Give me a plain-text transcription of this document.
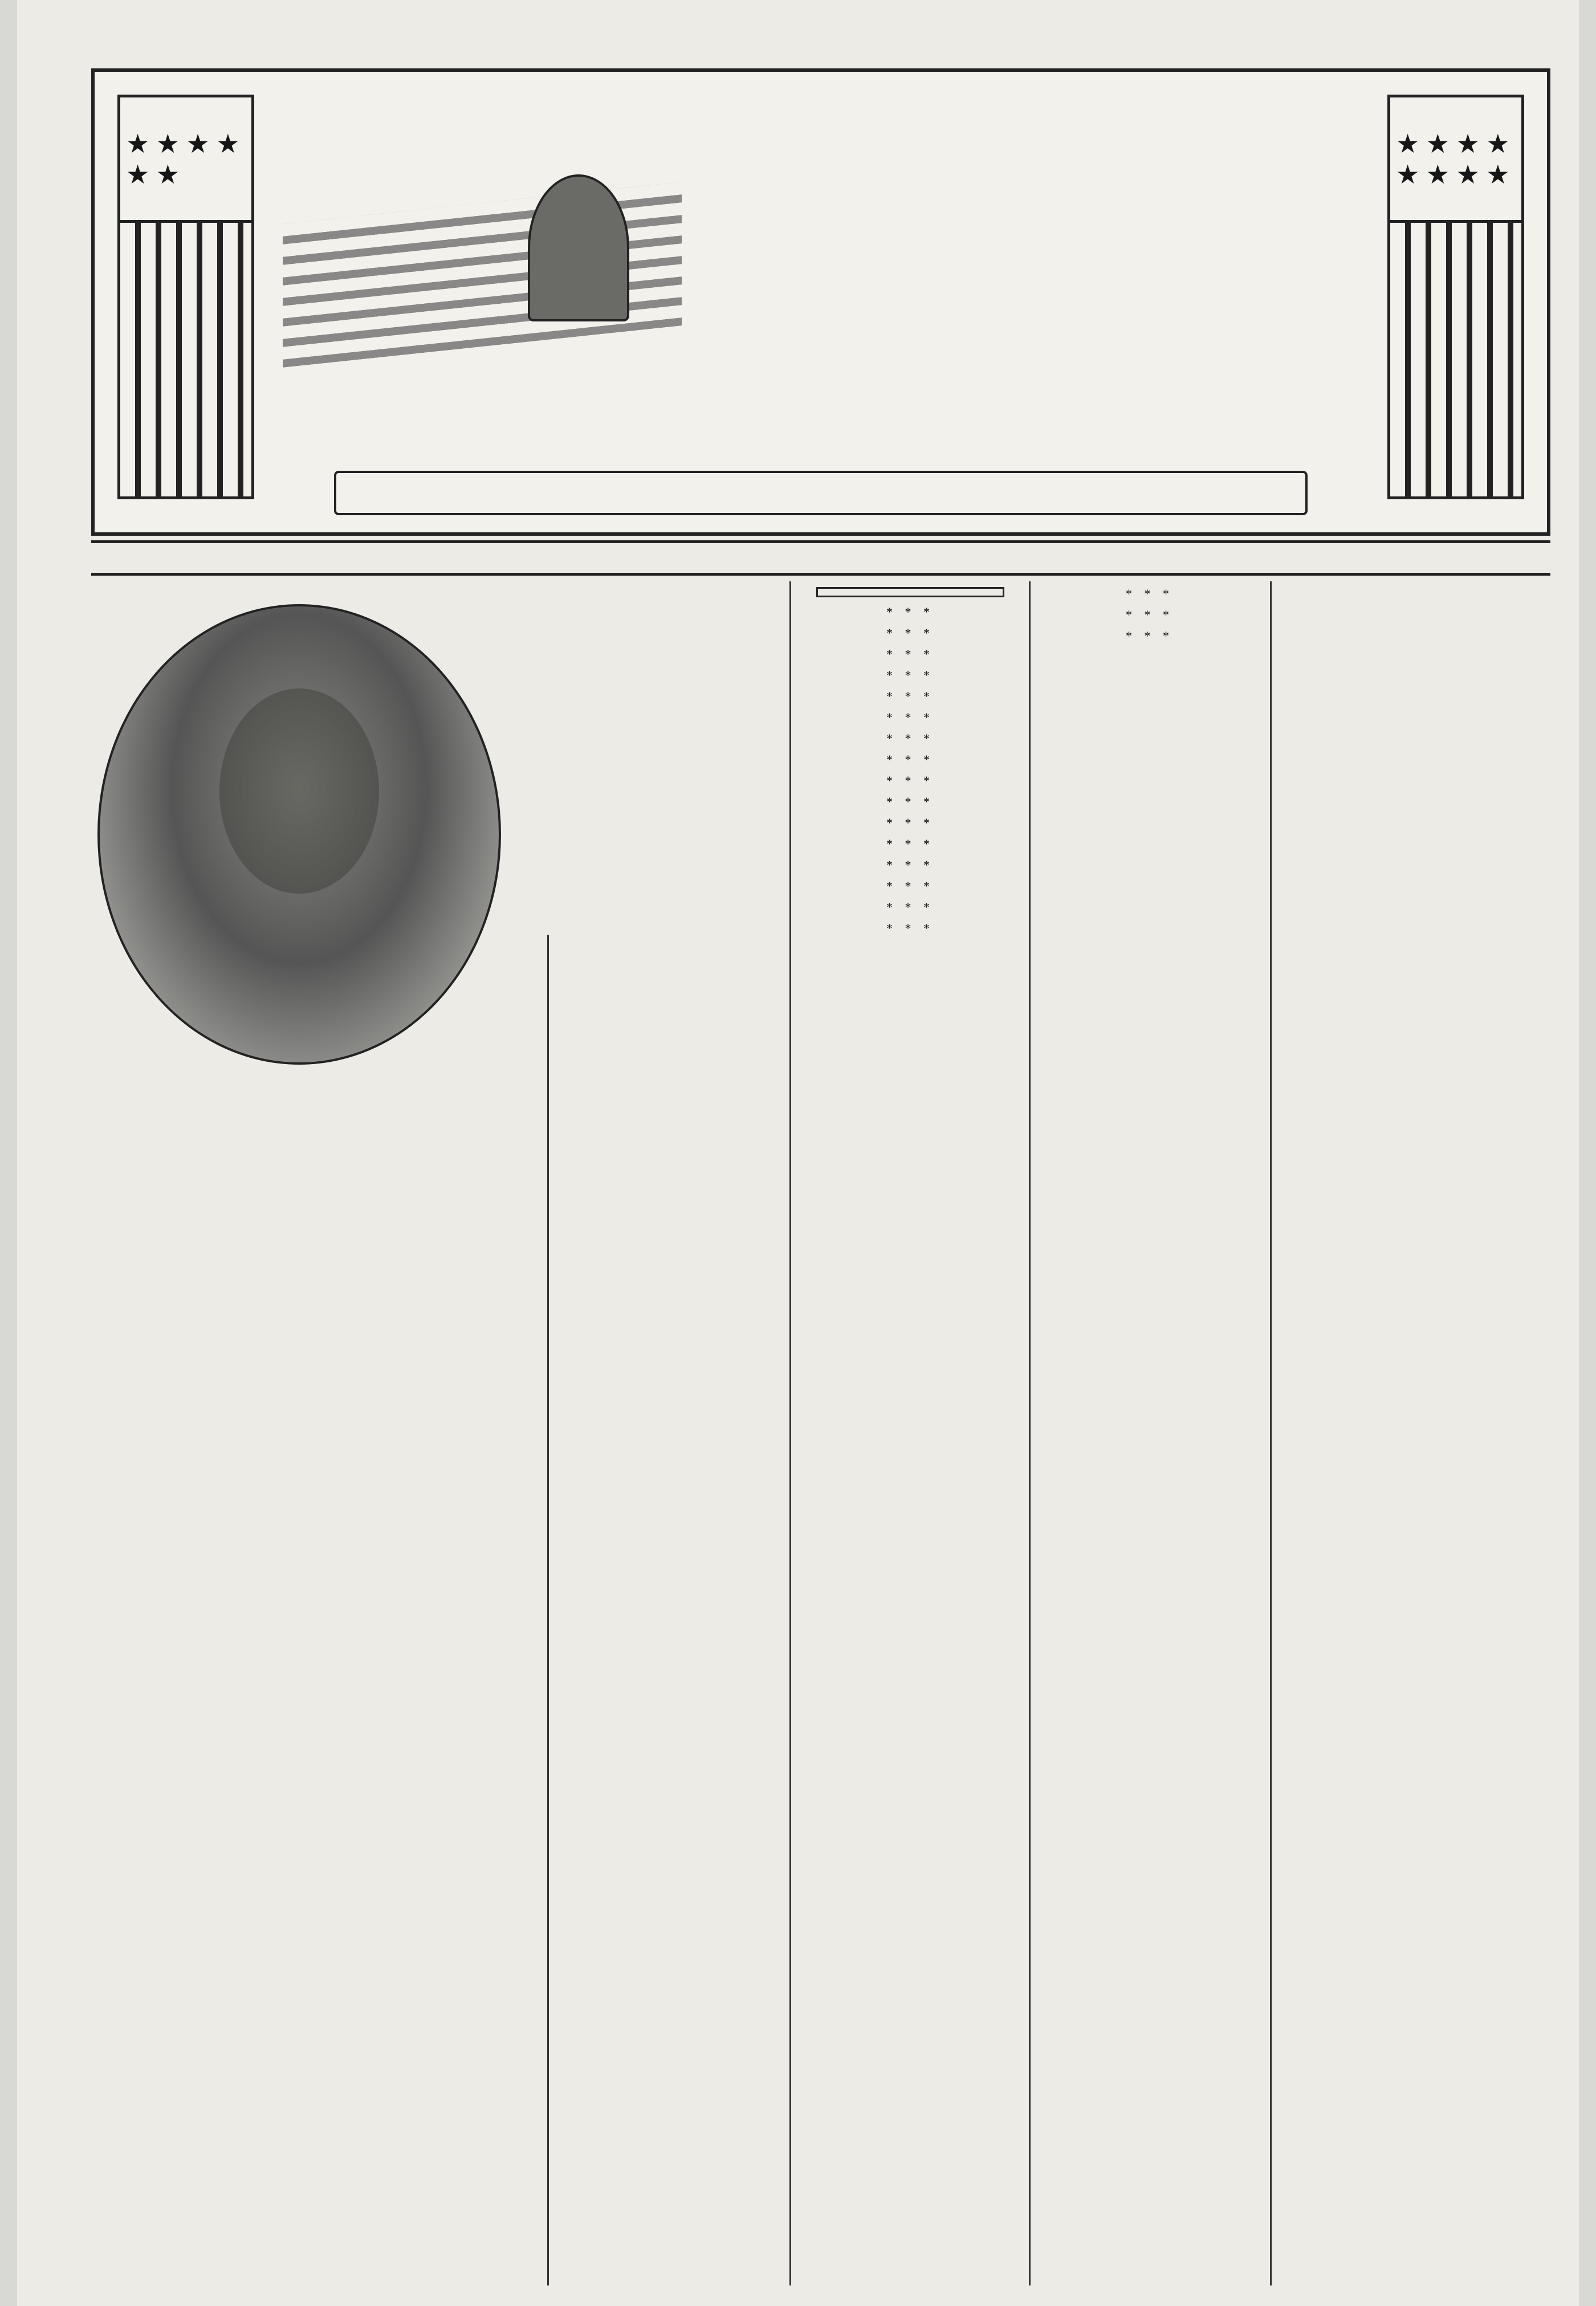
★ ★ ★ ★ ★ ★
★ ★ ★ ★ ★ ★ ★ ★

* * *

* * *

* * *

* * *

* * *

* * *

* * *

* * *

* * *

* * *

* * *

* * *

* * *

* * *

* * *

* * *

* * *

* * *

* * *
